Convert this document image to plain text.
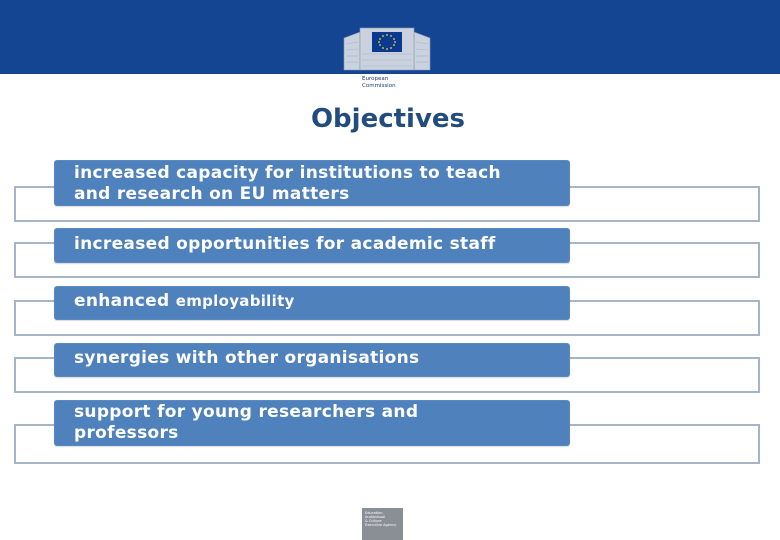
European
Commission
Objectives
increased capacity for institutions to teach
and research on EU matters
increased opportunities for academic staff
enhanced employability
synergies with other organisations
support for young researchers and
professors
Education,
Audiovisual
& Culture
Executive Agency
